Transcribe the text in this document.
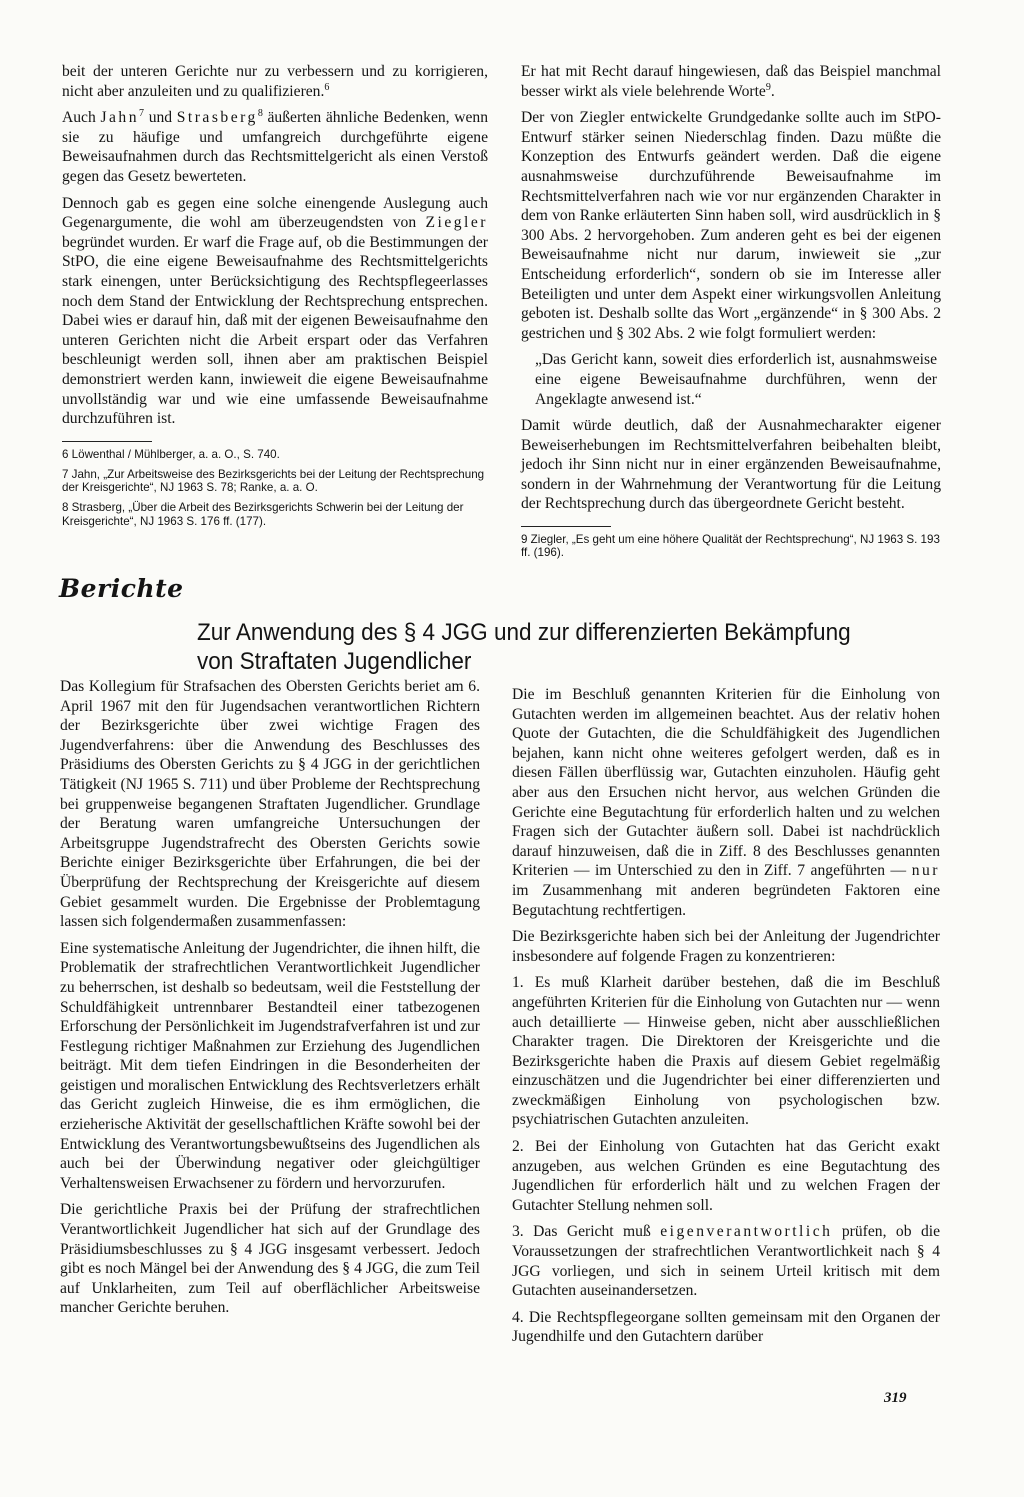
beit der unteren Gerichte nur zu verbessern und zu korrigieren, nicht aber anzuleiten und zu qualifizieren.$^6$

Auch Jahn$^7$ und Strasberg$^8$ äußerten ähnliche Bedenken, wenn sie zu häufige und umfangreich durchgeführte eigene Beweisaufnahmen durch das Rechtsmittelgericht als einen Verstoß gegen das Gesetz bewerteten.

Dennoch gab es gegen eine solche einengende Auslegung auch Gegenargumente, die wohl am überzeugendsten von Ziegler begründet wurden. Er warf die Frage auf, ob die Bestimmungen der StPO, die eine eigene Beweisaufnahme des Rechtsmittelgerichts stark einengen, unter Berücksichtigung des Rechtspflegeerlasses noch dem Stand der Entwicklung der Rechtsprechung entsprechen. Dabei wies er darauf hin, daß mit der eigenen Beweisaufnahme den unteren Gerichten nicht die Arbeit erspart oder das Verfahren beschleunigt werden soll, ihnen aber am praktischen Beispiel demonstriert werden kann, inwieweit die eigene Beweisaufnahme unvollständig war und wie eine umfassende Beweisaufnahme durchzuführen ist.

6 Löwenthal / Mühlberger, a. a. O., S. 740.

7 Jahn, „Zur Arbeitsweise des Bezirksgerichts bei der Leitung der Rechtsprechung der Kreisgerichte“, NJ 1963 S. 78; Ranke, a. a. O.

8 Strasberg, „Über die Arbeit des Bezirksgerichts Schwerin bei der Leitung der Kreisgerichte“, NJ 1963 S. 176 ff. (177).

Er hat mit Recht darauf hingewiesen, daß das Beispiel manchmal besser wirkt als viele belehrende Worte$^9$.

Der von Ziegler entwickelte Grundgedanke sollte auch im StPO-Entwurf stärker seinen Niederschlag finden. Dazu müßte die Konzeption des Entwurfs geändert werden. Daß die eigene ausnahmsweise durchzuführende Beweisaufnahme im Rechtsmittelverfahren nach wie vor nur ergänzenden Charakter in dem von Ranke erläuterten Sinn haben soll, wird ausdrücklich in § 300 Abs. 2 hervorgehoben. Zum anderen geht es bei der eigenen Beweisaufnahme nicht nur darum, inwieweit sie „zur Entscheidung erforderlich“, sondern ob sie im Interesse aller Beteiligten und unter dem Aspekt einer wirkungsvollen Anleitung geboten ist. Deshalb sollte das Wort „ergänzende“ in § 300 Abs. 2 gestrichen und § 302 Abs. 2 wie folgt formuliert werden:

„Das Gericht kann, soweit dies erforderlich ist, ausnahmsweise eine eigene Beweisaufnahme durchführen, wenn der Angeklagte anwesend ist.“

Damit würde deutlich, daß der Ausnahmecharakter eigener Beweiserhebungen im Rechtsmittelverfahren beibehalten bleibt, jedoch ihr Sinn nicht nur in einer ergänzenden Beweisaufnahme, sondern in der Wahrnehmung der Verantwortung für die Leitung der Rechtsprechung durch das übergeordnete Gericht besteht.

9 Ziegler, „Es geht um eine höhere Qualität der Rechtsprechung“, NJ 1963 S. 193 ff. (196).

Berichte
Zur Anwendung des § 4 JGG und zur differenzierten Bekämpfung
von Straftaten Jugendlicher

Das Kollegium für Strafsachen des Obersten Gerichts beriet am 6. April 1967 mit den für Jugendsachen verantwortlichen Richtern der Bezirksgerichte über zwei wichtige Fragen des Jugendverfahrens: über die Anwendung des Beschlusses des Präsidiums des Obersten Gerichts zu § 4 JGG in der gerichtlichen Tätigkeit (NJ 1965 S. 711) und über Probleme der Rechtsprechung bei gruppenweise begangenen Straftaten Jugendlicher. Grundlage der Beratung waren umfangreiche Untersuchungen der Arbeitsgruppe Jugendstrafrecht des Obersten Gerichts sowie Berichte einiger Bezirksgerichte über Erfahrungen, die bei der Überprüfung der Rechtsprechung der Kreisgerichte auf diesem Gebiet gesammelt wurden. Die Ergebnisse der Problemtagung lassen sich folgendermaßen zusammenfassen:

Eine systematische Anleitung der Jugendrichter, die ihnen hilft, die Problematik der strafrechtlichen Verantwortlichkeit Jugendlicher zu beherrschen, ist deshalb so bedeutsam, weil die Feststellung der Schuldfähigkeit untrennbarer Bestandteil einer tatbezogenen Erforschung der Persönlichkeit im Jugendstrafverfahren ist und zur Festlegung richtiger Maßnahmen zur Erziehung des Jugendlichen beiträgt. Mit dem tiefen Eindringen in die Besonderheiten der geistigen und moralischen Entwicklung des Rechtsverletzers erhält das Gericht zugleich Hinweise, die es ihm ermöglichen, die erzieherische Aktivität der gesellschaftlichen Kräfte sowohl bei der Entwicklung des Verantwortungsbewußtseins des Jugendlichen als auch bei der Überwindung negativer oder gleichgültiger Verhaltensweisen Erwachsener zu fördern und hervorzurufen.

Die gerichtliche Praxis bei der Prüfung der strafrechtlichen Verantwortlichkeit Jugendlicher hat sich auf der Grundlage des Präsidiumsbeschlusses zu § 4 JGG insgesamt verbessert. Jedoch gibt es noch Mängel bei der Anwendung des § 4 JGG, die zum Teil auf Unklarheiten, zum Teil auf oberflächlicher Arbeitsweise mancher Gerichte beruhen.

Die im Beschluß genannten Kriterien für die Einholung von Gutachten werden im allgemeinen beachtet. Aus der relativ hohen Quote der Gutachten, die die Schuldfähigkeit des Jugendlichen bejahen, kann nicht ohne weiteres gefolgert werden, daß es in diesen Fällen überflüssig war, Gutachten einzuholen. Häufig geht aber aus den Ersuchen nicht hervor, aus welchen Gründen die Gerichte eine Begutachtung für erforderlich halten und zu welchen Fragen sich der Gutachter äußern soll. Dabei ist nachdrücklich darauf hinzuweisen, daß die in Ziff. 8 des Beschlusses genannten Kriterien — im Unterschied zu den in Ziff. 7 angeführten — nur im Zusammenhang mit anderen begründeten Faktoren eine Begutachtung rechtfertigen.

Die Bezirksgerichte haben sich bei der Anleitung der Jugendrichter insbesondere auf folgende Fragen zu konzentrieren:

1. Es muß Klarheit darüber bestehen, daß die im Beschluß angeführten Kriterien für die Einholung von Gutachten nur — wenn auch detaillierte — Hinweise geben, nicht aber ausschließlichen Charakter tragen. Die Direktoren der Kreisgerichte und die Bezirksgerichte haben die Praxis auf diesem Gebiet regelmäßig einzuschätzen und die Jugendrichter bei einer differenzierten und zweckmäßigen Einholung von psychologischen bzw. psychiatrischen Gutachten anzuleiten.

2. Bei der Einholung von Gutachten hat das Gericht exakt anzugeben, aus welchen Gründen es eine Begutachtung des Jugendlichen für erforderlich hält und zu welchen Fragen der Gutachter Stellung nehmen soll.

3. Das Gericht muß eigenverantwortlich prüfen, ob die Voraussetzungen der strafrechtlichen Verantwortlichkeit nach § 4 JGG vorliegen, und sich in seinem Urteil kritisch mit dem Gutachten auseinandersetzen.

4. Die Rechtspflegeorgane sollten gemeinsam mit den Organen der Jugendhilfe und den Gutachtern darüber

319
